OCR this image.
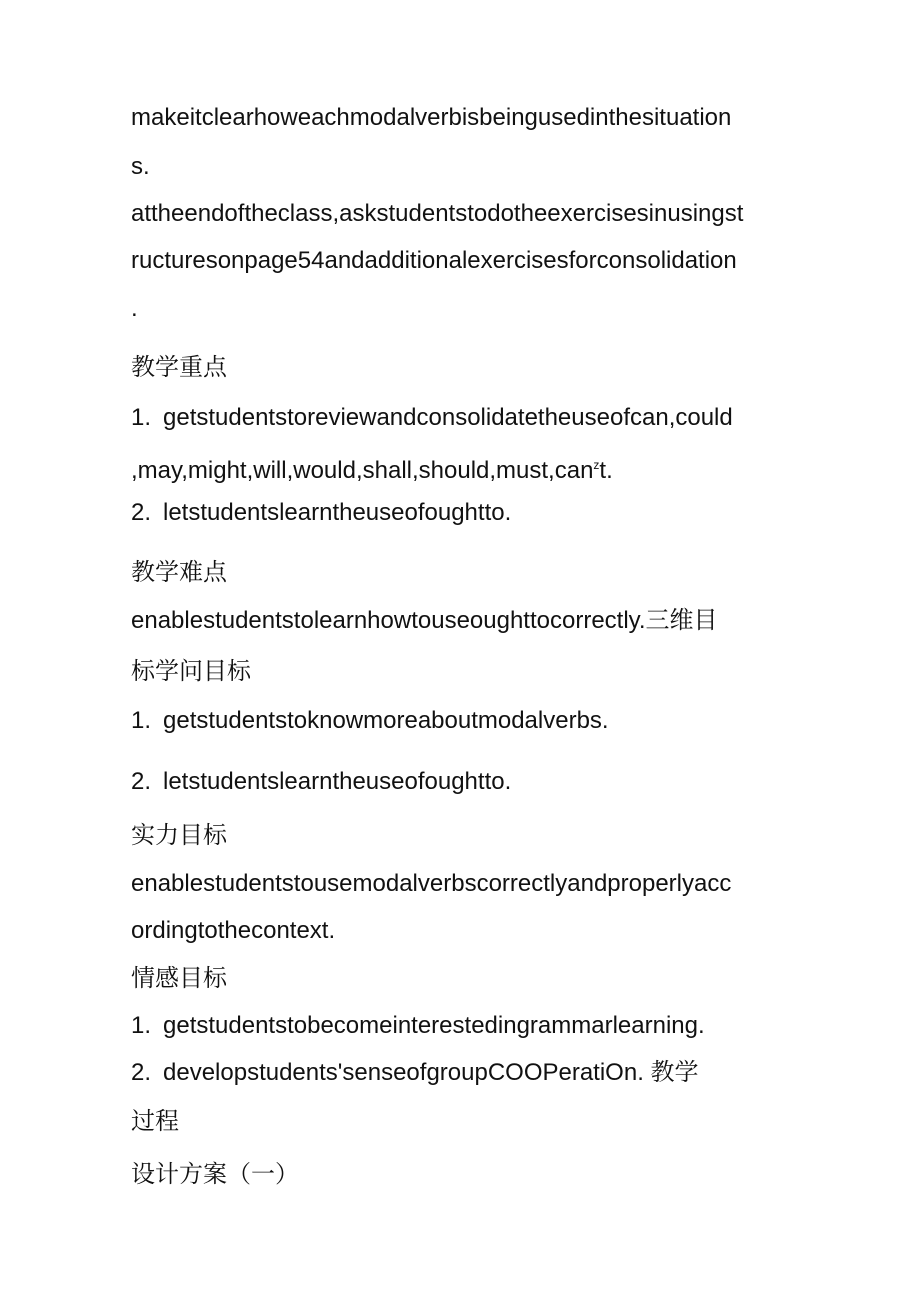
makeitclearhoweachmodalverbisbeingusedinthesituation
s.
attheendoftheclass,askstudentstodotheexercisesinusingst
ructuresonpage54andadditionalexercisesforconsolidation
.
教学重点
1. getstudentstoreviewandconsolidatetheuseofcan,could
,may,might,will,would,shall,should,must,can$^z$t.
2. letstudentslearntheuseofoughtto.
教学难点
enablestudentstolearnhowtouseoughttocorrectly.三维目
标学问目标
1. getstudentstoknowmoreaboutmodalverbs.
2. letstudentslearntheuseofoughtto.
实力目标
enablestudentstousemodalverbscorrectlyandproperlyacc
ordingtothecontext.
情感目标
1. getstudentstobecomeinterestedingrammarlearning.
2. developstudents'senseofgroupCOOPeratiOn. 教学
过程
设计方案（一）
